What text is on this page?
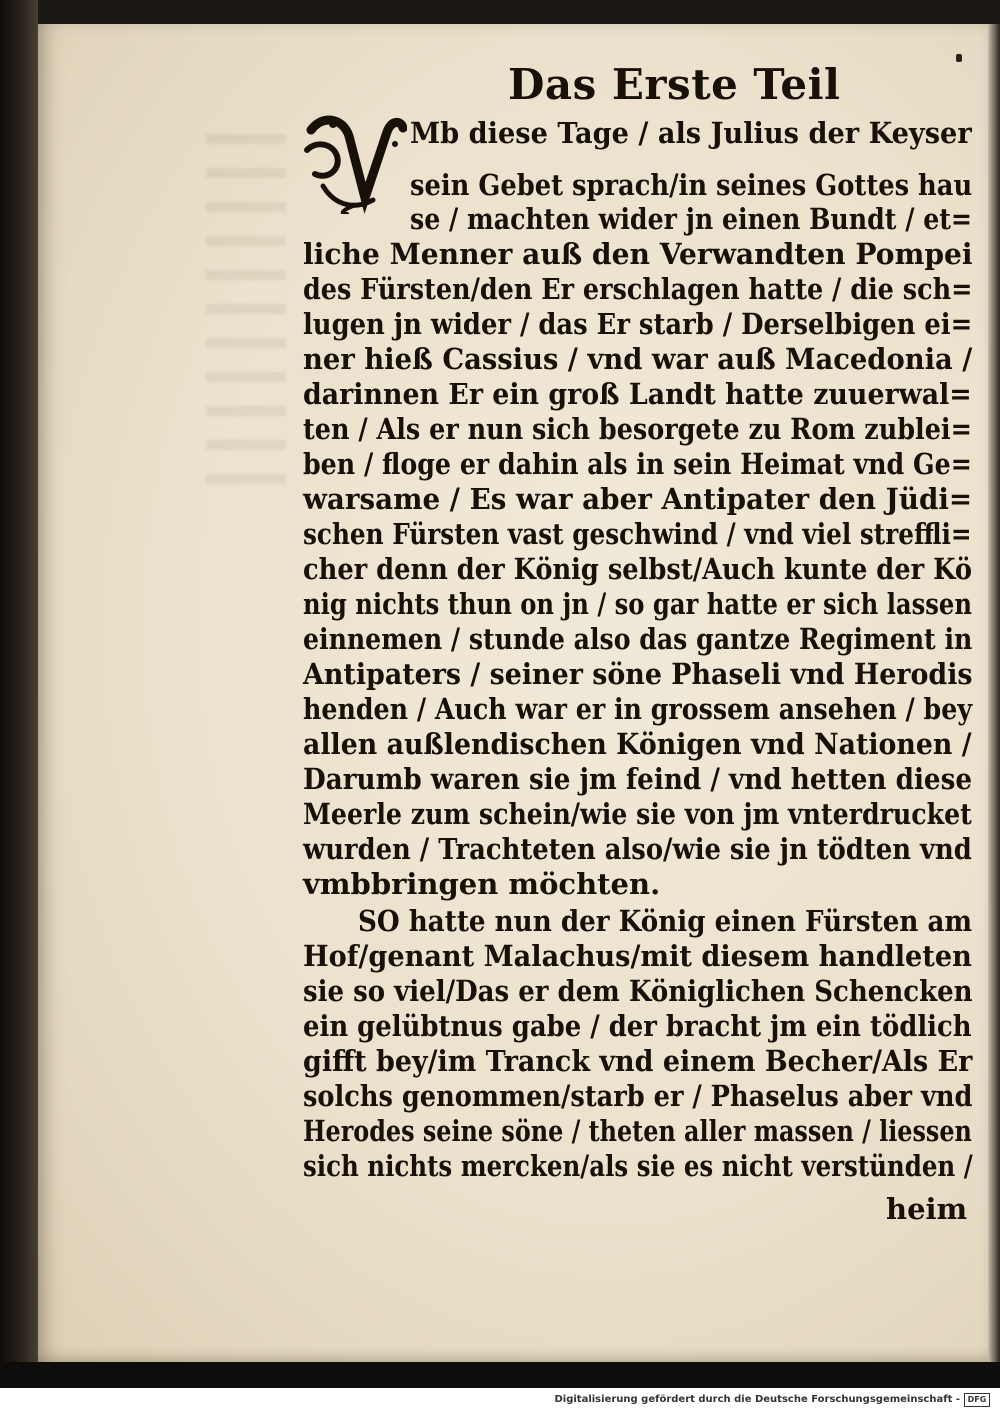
Das Erste Teil
Mb diese Tage / als Julius der Keyser
sein Gebet sprach/in seines Gottes hau
se / machten wider jn einen Bundt / et=
liche Menner auß den Verwandten Pompei
des Fürsten/den Er erschlagen hatte / die sch=
lugen jn wider / das Er starb / Derselbigen ei=
ner hieß Cassius / vnd war auß Macedonia /
darinnen Er ein groß Landt hatte zuuerwal=
ten / Als er nun sich besorgete zu Rom zublei=
ben / floge er dahin als in sein Heimat vnd Ge=
warsame / Es war aber Antipater den Jüdi=
schen Fürsten vast geschwind / vnd viel streffli=
cher denn der König selbst/Auch kunte der Kö
nig nichts thun on jn / so gar hatte er sich lassen
einnemen / stunde also das gantze Regiment in
Antipaters / seiner söne Phaseli vnd Herodis
henden / Auch war er in grossem ansehen / bey
allen außlendischen Königen vnd Nationen /
Darumb waren sie jm feind / vnd hetten diese
Meerle zum schein/wie sie von jm vnterdrucket
wurden / Trachteten also/wie sie jn tödten vnd
vmbbringen möchten.
SO hatte nun der König einen Fürsten am
Hof/genant Malachus/mit diesem handleten
sie so viel/Das er dem Königlichen Schencken
ein gelübtnus gabe / der bracht jm ein tödlich
gifft bey/im Tranck vnd einem Becher/Als Er
solchs genommen/starb er / Phaselus aber vnd
Herodes seine söne / theten aller massen / liessen
sich nichts mercken/als sie es nicht verstünden /
heim
Digitalisierung gefördert durch die Deutsche Forschungsgemeinschaft - DFG
